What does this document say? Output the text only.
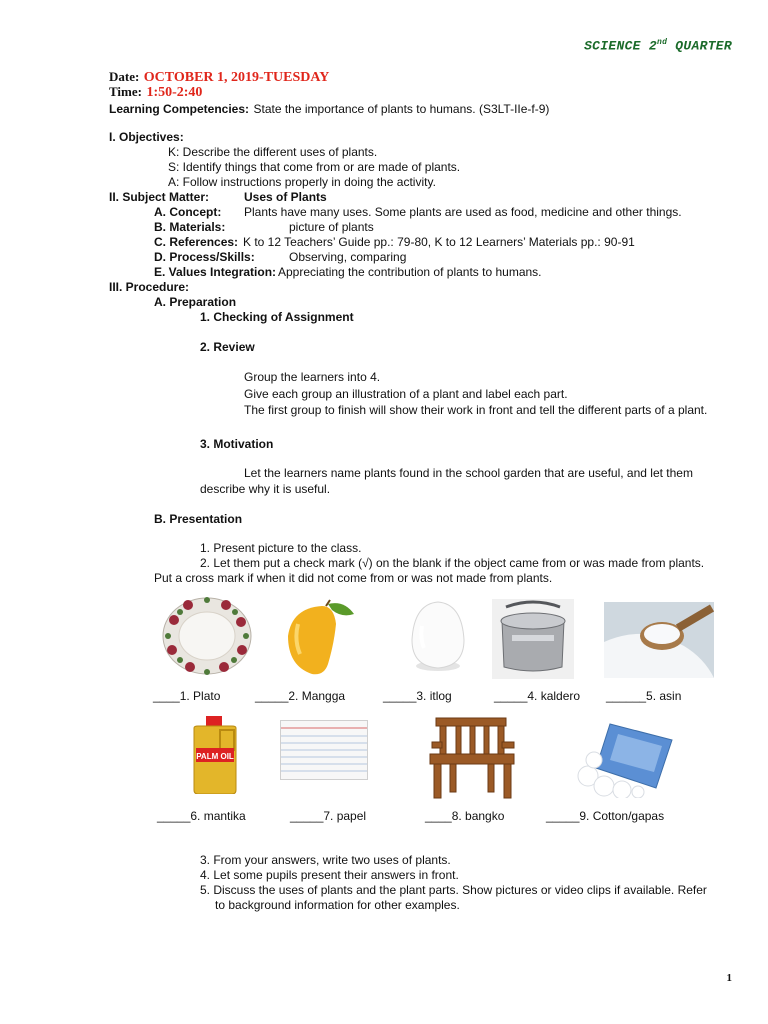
SCIENCE 2nd QUARTER
Date: OCTOBER 1, 2019-TUESDAY
Time: 1:50-2:40
Learning Competencies: State the importance of plants to humans. (S3LT-IIe-f-9)
I. Objectives:
K: Describe the different uses of plants.
S: Identify things that come from or are made of plants.
A: Follow instructions properly in doing the activity.
II. Subject Matter:	Uses of Plants
A. Concept: Plants have many uses. Some plants are used as food, medicine and other things.
B. Materials:	picture of plants
C. References: K to 12 Teachers’ Guide pp.: 79-80, K to 12 Learners’ Materials pp.: 90-91
D. Process/Skills:	Observing, comparing
E. Values Integration: Appreciating the contribution of plants to humans.
III. Procedure:
A. Preparation
1. Checking of Assignment
2. Review
Group the learners into 4.
Give each group an illustration of a plant and label each part.
The first group to finish will show their work in front and tell the different parts of a plant.
3. Motivation
Let the learners name plants found in the school garden that are useful, and let them
describe why it is useful.
B. Presentation
1. Present picture to the class.
2. Let them put a check mark (√) on the blank if the object came from or was made from plants.
Put a cross mark if when it did not come from or was not made from plants.
____1. Plato	_____2. Mangga	_____3. itlog	_____4. kaldero ______5. asin
PALM OIL
_____6. mantika	_____7. papel	____8. bangko	_____9. Cotton/gapas
3. From your answers, write two uses of plants.
4. Let some pupils present their answers in front.
5. Discuss the uses of plants and the plant parts. Show pictures or video clips if available. Refer
to background information for other examples.
1
